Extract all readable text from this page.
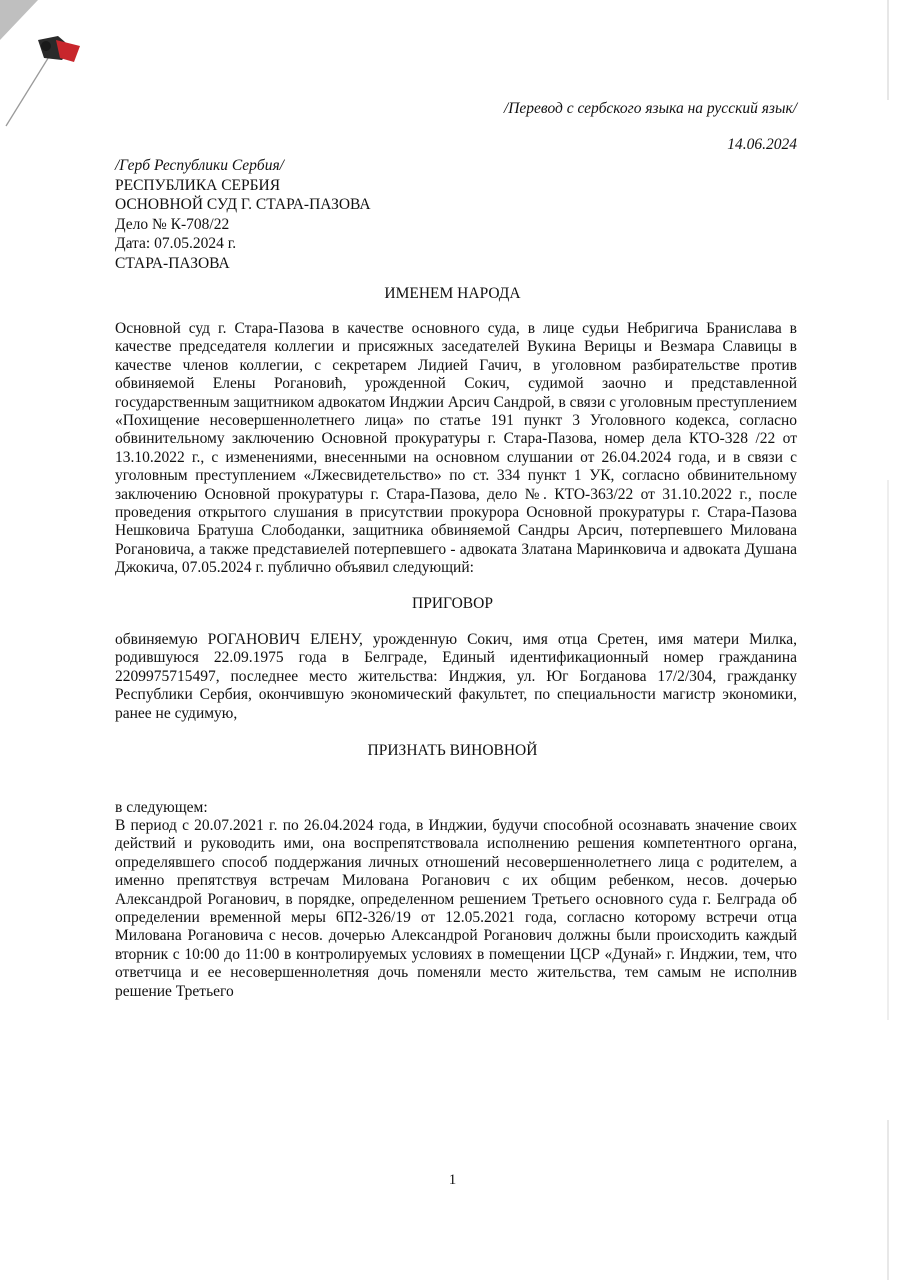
/Перевод с сербского языка на русский язык/
14.06.2024
/Герб Республики Сербия/
РЕСПУБЛИКА СЕРБИЯ
ОСНОВНОЙ СУД Г. СТАРА-ПАЗОВА
Дело № К-708/22
Дата: 07.05.2024 г.
СТАРА-ПАЗОВА
ИМЕНЕМ НАРОДА
Основной суд г. Стара-Пазова в качестве основного суда, в лице судьи Небригича Бранислава в качестве председателя коллегии и присяжных заседателей Вукина Верицы и Везмара Славицы в качестве членов коллегии, с секретарем Лидией Гачич, в уголовном разбирательстве против обвиняемой Елены Рогановић, урожденной Сокич, судимой заочно и представленной государственным защитником адвокатом Инджии Арсич Сандрой, в связи с уголовным преступлением «Похищение несовершеннолетнего лица» по статье 191 пункт 3 Уголовного кодекса, согласно обвинительному заключению Основной прокуратуры г. Стара-Пазова, номер дела КТО-328 /22 от 13.10.2022 г., с изменениями, внесенными на основном слушании от 26.04.2024 года, и в связи с уголовным преступлением «Лжесвидетельство» по ст. 334 пункт 1 УК, согласно обвинительному заключению Основной прокуратуры г. Стара-Пазова, дело №. КТО-363/22 от 31.10.2022 г., после проведения открытого слушания в присутствии прокурора Основной прокуратуры г. Стара-Пазова Нешковича Братуша Слободанки, защитника обвиняемой Сандры Арсич, потерпевшего Милована Рогановича, а также представиелей потерпевшего - адвоката Златана Маринковича и адвоката Душана Джокича, 07.05.2024 г. публично объявил следующий:
ПРИГОВОР
обвиняемую РОГАНОВИЧ ЕЛЕНУ, урожденную Сокич, имя отца Сретен, имя матери Милка, родившуюся 22.09.1975 года в Белграде, Единый идентификационный номер гражданина 2209975715497, последнее место жительства: Инджия, ул. Юг Богданова 17/2/304, гражданку Республики Сербия, окончившую экономический факультет, по специальности магистр экономики, ранее не судимую,
ПРИЗНАТЬ ВИНОВНОЙ
в следующем:
В период с 20.07.2021 г. по 26.04.2024 года, в Инджии, будучи способной осознавать значение своих действий и руководить ими, она воспрепятствовала исполнению решения компетентного органа, определявшего способ поддержания личных отношений несовершеннолетнего лица с родителем, а именно препятствуя встречам Милована Роганович с их общим ребенком, несов. дочерью Александрой Роганович, в порядке, определенном решением Третьего основного суда г. Белграда об определении временной меры 6П2-326/19 от 12.05.2021 года, согласно которому встречи отца Милована Рогановича с несов. дочерью Александрой Роганович должны были происходить каждый вторник с 10:00 до 11:00 в контролируемых условиях в помещении ЦСР «Дунай» г. Инджии, тем, что ответчица и ее несовершеннолетняя дочь поменяли место жительства, тем самым не исполнив решение Третьего
1
